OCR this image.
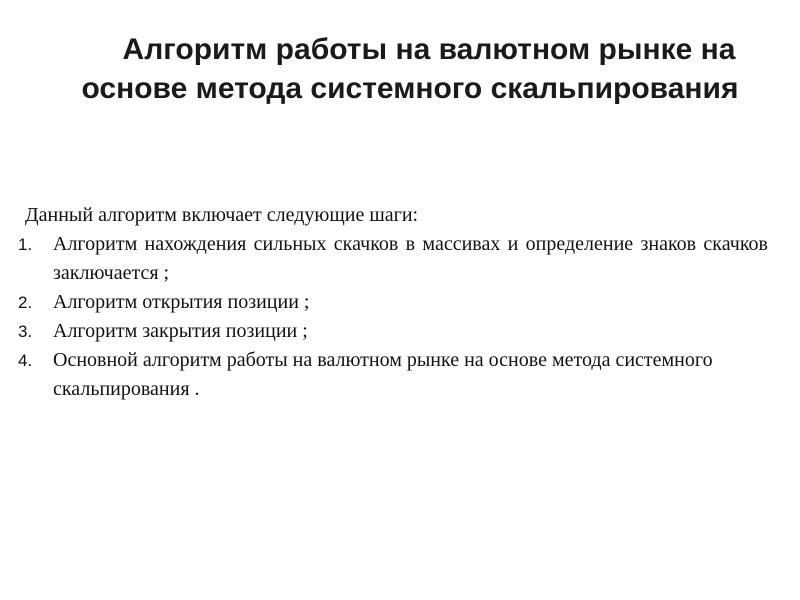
Алгоритм работы на валютном рынке на
основе метода системного скальпирования

Данный алгоритм включает следующие шаги:

1. Алгоритм нахождения сильных скачков в массивах и определение знаков скачков заключается ;
2. Алгоритм открытия позиции ;
3. Алгоритм закрытия позиции ;
4. Основной алгоритм работы на валютном рынке на основе метода системного скальпирования .
